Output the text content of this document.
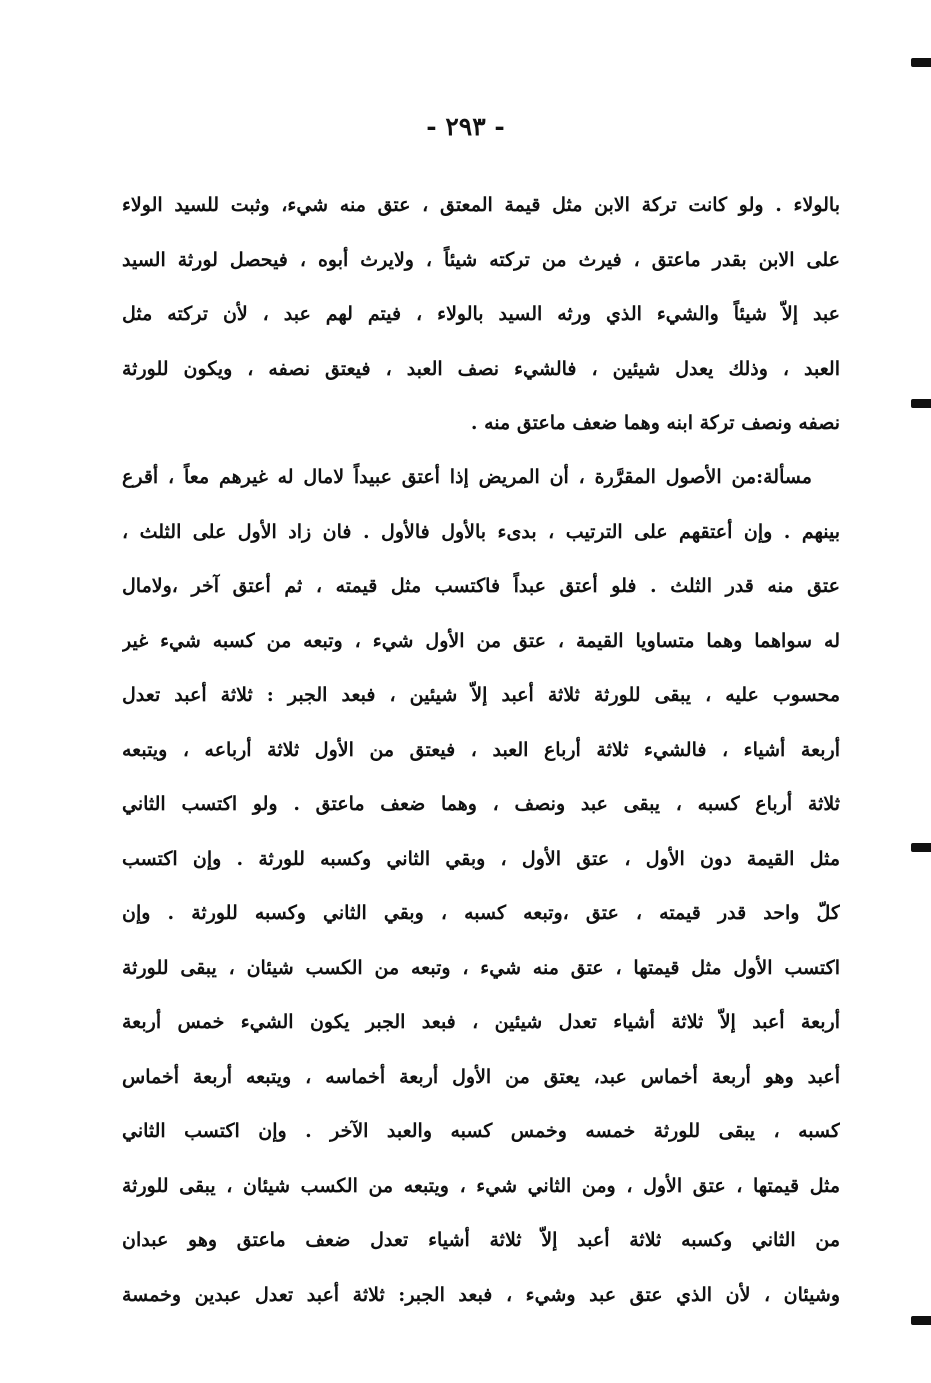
- ٢٩٣ -
بالولاء . ولو كانت تركة الابن مثل قيمة المعتق ، عتق منه شيء، وثبت للسيد الولاء
على الابن بقدر ماعتق ، فيرث من تركته شيئاً ، ولايرث أبوه ، فيحصل لورثة السيد
عبد إلاّ شيئاً والشيء الذي ورثه السيد بالولاء ، فيتم لهم عبد ، لأن تركته مثل
العبد ، وذلك يعدل شيئين ، فالشيء نصف العبد ، فيعتق نصفه ، ويكون للورثة
نصفه ونصف تركة ابنه وهما ضعف ماعتق منه .
مسألة:من الأصول المقرَّرة ، أن المريض إذا أعتق عبيداً لامال له غيرهم معاً ، أقرع
بينهم . وإن أعتقهم على الترتيب ، بدىء بالأول فالأول . فان زاد الأول على الثلث ،
عتق منه قدر الثلث . فلو أعتق عبداً فاكتسب مثل قيمته ، ثم أعتق آخر ،ولامال
له سواهما وهما متساويا القيمة ، عتق من الأول شيء ، وتبعه من كسبه شيء غير
محسوب عليه ، يبقى للورثة ثلاثة أعبد إلاّ شيئين ، فبعد الجبر : ثلاثة أعبد تعدل
أربعة أشياء ، فالشيء ثلاثة أرباع العبد ، فيعتق من الأول ثلاثة أرباعه ، ويتبعه
ثلاثة أرباع كسبه ، يبقى عبد ونصف ، وهما ضعف ماعتق . ولو اكتسب الثاني
مثل القيمة دون الأول ، عتق الأول ، وبقي الثاني وكسبه للورثة . وإن اكتسب
كلّ واحد قدر قيمته ، عتق ،وتبعه كسبه ، وبقي الثاني وكسبه للورثة . وإن
اكتسب الأول مثل قيمتها ، عتق منه شيء ، وتبعه من الكسب شيئان ، يبقى للورثة
أربعة أعبد إلاّ ثلاثة أشياء تعدل شيئين ، فبعد الجبر يكون الشيء خمس أربعة
أعبد وهو أربعة أخماس عبد، يعتق من الأول أربعة أخماسه ، ويتبعه أربعة أخماس
كسبه ، يبقى للورثة خمسه وخمس كسبه والعبد الآخر . وإن اكتسب الثاني
مثل قيمتها ، عتق الأول ، ومن الثاني شيء ، ويتبعه من الكسب شيئان ، يبقى للورثة
من الثاني وكسبه ثلاثة أعبد إلاّ ثلاثة أشياء تعدل ضعف ماعتق وهو عبدان
وشيئان ، لأن الذي عتق عبد وشيء ، فبعد الجبر: ثلاثة أعبد تعدل عبدين وخمسة
